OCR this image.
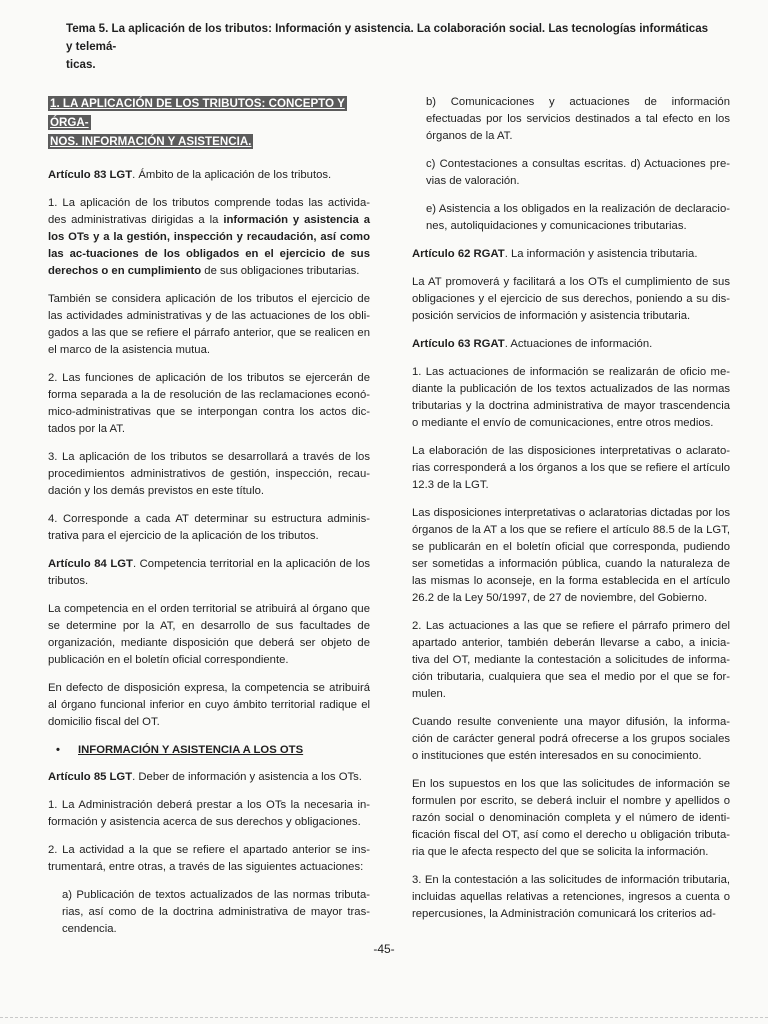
Tema 5. La aplicación de los tributos: Información y asistencia. La colaboración social. Las tecnologías informáticas y telemá-
ticas.
1. LA APLICACIÓN DE LOS TRIBUTOS: CONCEPTO Y ÓRGA-
NOS. INFORMACIÓN Y ASISTENCIA.

Artículo 83 LGT. Ámbito de la aplicación de los tributos.

1. La aplicación de los tributos comprende todas las activida-des administrativas dirigidas a la información y asistencia a los OTs y a la gestión, inspección y recaudación, así como las ac-tuaciones de los obligados en el ejercicio de sus derechos o en cumplimiento de sus obligaciones tributarias.

También se considera aplicación de los tributos el ejercicio de las actividades administrativas y de las actuaciones de los obli-gados a las que se refiere el párrafo anterior, que se realicen en el marco de la asistencia mutua.

2. Las funciones de aplicación de los tributos se ejercerán de forma separada a la de resolución de las reclamaciones econó-mico-administrativas que se interpongan contra los actos dic-tados por la AT.

3. La aplicación de los tributos se desarrollará a través de los procedimientos administrativos de gestión, inspección, recau-dación y los demás previstos en este título.

4. Corresponde a cada AT determinar su estructura adminis-trativa para el ejercicio de la aplicación de los tributos.

Artículo 84 LGT. Competencia territorial en la aplicación de los tributos.

La competencia en el orden territorial se atribuirá al órgano que se determine por la AT, en desarrollo de sus facultades de organización, mediante disposición que deberá ser objeto de publicación en el boletín oficial correspondiente.

En defecto de disposición expresa, la competencia se atribuirá al órgano funcional inferior en cuyo ámbito territorial radique el domicilio fiscal del OT.

• INFORMACIÓN Y ASISTENCIA A LOS OTS

Artículo 85 LGT. Deber de información y asistencia a los OTs.

1. La Administración deberá prestar a los OTs la necesaria in-formación y asistencia acerca de sus derechos y obligaciones.

2. La actividad a la que se refiere el apartado anterior se ins-trumentará, entre otras, a través de las siguientes actuaciones:

a) Publicación de textos actualizados de las normas tributa-rias, así como de la doctrina administrativa de mayor tras-cendencia.

b) Comunicaciones y actuaciones de información efectuadas por los servicios destinados a tal efecto en los órganos de la AT.

c) Contestaciones a consultas escritas. d) Actuaciones pre-vias de valoración.

e) Asistencia a los obligados en la realización de declaracio-nes, autoliquidaciones y comunicaciones tributarias.

Artículo 62 RGAT. La información y asistencia tributaria.

La AT promoverá y facilitará a los OTs el cumplimiento de sus obligaciones y el ejercicio de sus derechos, poniendo a su dis-posición servicios de información y asistencia tributaria.

Artículo 63 RGAT. Actuaciones de información.

1. Las actuaciones de información se realizarán de oficio me-diante la publicación de los textos actualizados de las normas tributarias y la doctrina administrativa de mayor trascendencia o mediante el envío de comunicaciones, entre otros medios.

La elaboración de las disposiciones interpretativas o aclarato-rias corresponderá a los órganos a los que se refiere el artículo 12.3 de la LGT.

Las disposiciones interpretativas o aclaratorias dictadas por los órganos de la AT a los que se refiere el artículo 88.5 de la LGT, se publicarán en el boletín oficial que corresponda, pudiendo ser sometidas a información pública, cuando la naturaleza de las mismas lo aconseje, en la forma establecida en el artículo 26.2 de la Ley 50/1997, de 27 de noviembre, del Gobierno.

2. Las actuaciones a las que se refiere el párrafo primero del apartado anterior, también deberán llevarse a cabo, a inicia-tiva del OT, mediante la contestación a solicitudes de informa-ción tributaria, cualquiera que sea el medio por el que se for-mulen.

Cuando resulte conveniente una mayor difusión, la informa-ción de carácter general podrá ofrecerse a los grupos sociales o instituciones que estén interesados en su conocimiento.

En los supuestos en los que las solicitudes de información se formulen por escrito, se deberá incluir el nombre y apellidos o razón social o denominación completa y el número de identi-ficación fiscal del OT, así como el derecho u obligación tributa-ria que le afecta respecto del que se solicita la información.

3. En la contestación a las solicitudes de información tributaria, incluidas aquellas relativas a retenciones, ingresos a cuenta o repercusiones, la Administración comunicará los criterios ad-

-45-
